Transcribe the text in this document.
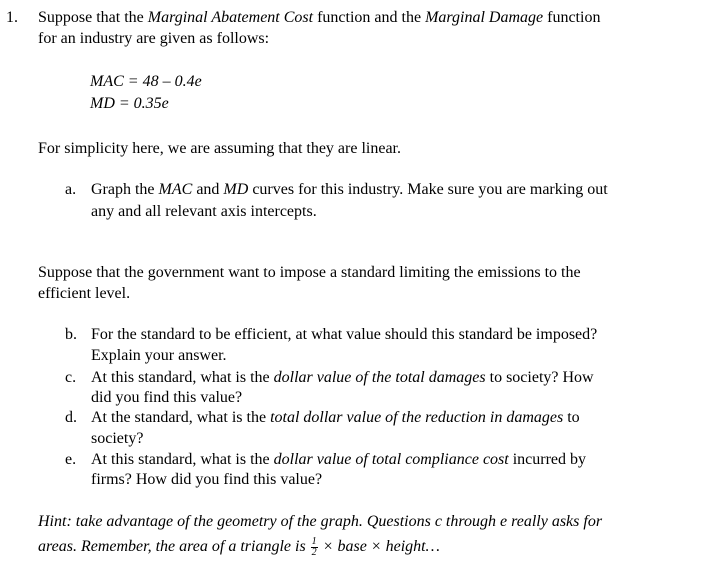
1. Suppose that the Marginal Abatement Cost function and the Marginal Damage function
for an industry are given as follows:
MAC = 48 – 0.4e
MD = 0.35e
For simplicity here, we are assuming that they are linear.
a. Graph the MAC and MD curves for this industry. Make sure you are marking out
any and all relevant axis intercepts.
Suppose that the government want to impose a standard limiting the emissions to the
efficient level.
b. For the standard to be efficient, at what value should this standard be imposed?
Explain your answer.
c. At this standard, what is the dollar value of the total damages to society? How
did you find this value?
d. At the standard, what is the total dollar value of the reduction in damages to
society?
e. At this standard, what is the dollar value of total compliance cost incurred by
firms? How did you find this value?
Hint: take advantage of the geometry of the graph. Questions c through e really asks for
areas. Remember, the area of a triangle is $\frac{1}{2}$ × base × height…
